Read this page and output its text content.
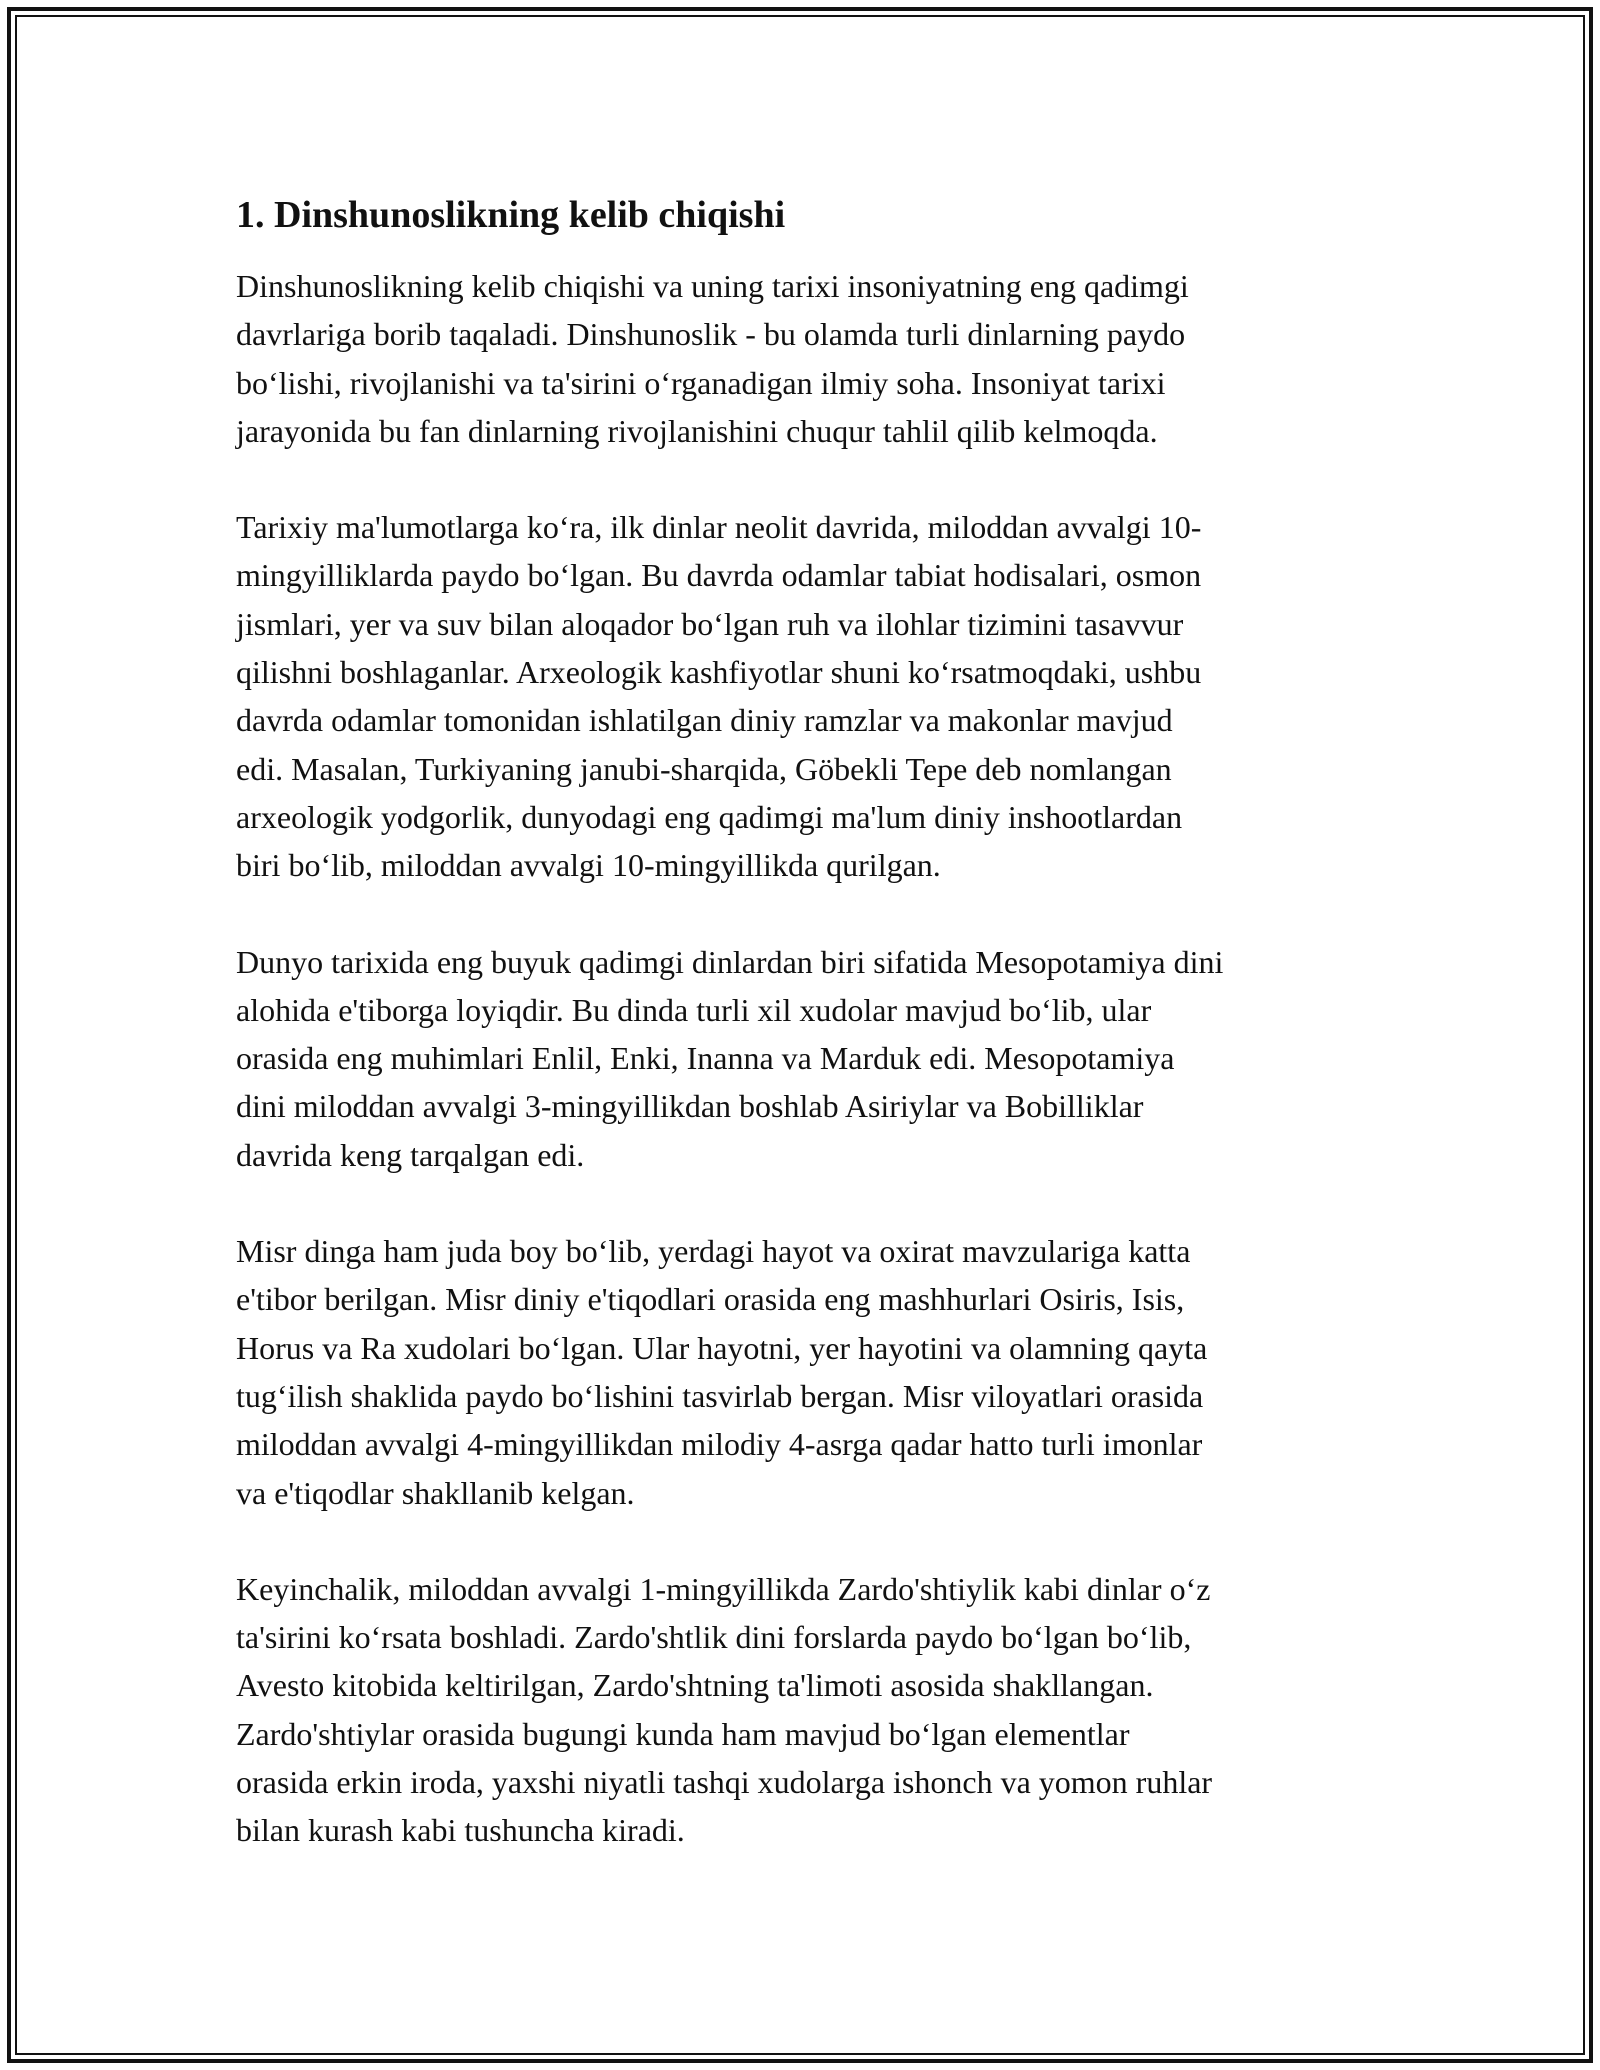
1. Dinshunoslikning kelib chiqishi

Dinshunoslikning kelib chiqishi va uning tarixi insoniyatning eng qadimgi
davrlariga borib taqaladi. Dinshunoslik - bu olamda turli dinlarning paydo
bo‘lishi, rivojlanishi va ta'sirini o‘rganadigan ilmiy soha. Insoniyat tarixi
jarayonida bu fan dinlarning rivojlanishini chuqur tahlil qilib kelmoqda.

Tarixiy ma'lumotlarga ko‘ra, ilk dinlar neolit davrida, miloddan avvalgi 10-
mingyilliklarda paydo bo‘lgan. Bu davrda odamlar tabiat hodisalari, osmon
jismlari, yer va suv bilan aloqador bo‘lgan ruh va ilohlar tizimini tasavvur
qilishni boshlaganlar. Arxeologik kashfiyotlar shuni ko‘rsatmoqdaki, ushbu
davrda odamlar tomonidan ishlatilgan diniy ramzlar va makonlar mavjud
edi. Masalan, Turkiyaning janubi-sharqida, Göbekli Tepe deb nomlangan
arxeologik yodgorlik, dunyodagi eng qadimgi ma'lum diniy inshootlardan
biri bo‘lib, miloddan avvalgi 10-mingyillikda qurilgan.

Dunyo tarixida eng buyuk qadimgi dinlardan biri sifatida Mesopotamiya dini
alohida e'tiborga loyiqdir. Bu dinda turli xil xudolar mavjud bo‘lib, ular
orasida eng muhimlari Enlil, Enki, Inanna va Marduk edi. Mesopotamiya
dini miloddan avvalgi 3-mingyillikdan boshlab Asiriylar va Bobilliklar
davrida keng tarqalgan edi.

Misr dinga ham juda boy bo‘lib, yerdagi hayot va oxirat mavzulariga katta
e'tibor berilgan. Misr diniy e'tiqodlari orasida eng mashhurlari Osiris, Isis,
Horus va Ra xudolari bo‘lgan. Ular hayotni, yer hayotini va olamning qayta
tug‘ilish shaklida paydo bo‘lishini tasvirlab bergan. Misr viloyatlari orasida
miloddan avvalgi 4-mingyillikdan milodiy 4-asrga qadar hatto turli imonlar
va e'tiqodlar shakllanib kelgan.

Keyinchalik, miloddan avvalgi 1-mingyillikda Zardo'shtiylik kabi dinlar o‘z
ta'sirini ko‘rsata boshladi. Zardo'shtlik dini forslarda paydo bo‘lgan bo‘lib,
Avesto kitobida keltirilgan, Zardo'shtning ta'limoti asosida shakllangan.
Zardo'shtiylar orasida bugungi kunda ham mavjud bo‘lgan elementlar
orasida erkin iroda, yaxshi niyatli tashqi xudolarga ishonch va yomon ruhlar
bilan kurash kabi tushuncha kiradi.
